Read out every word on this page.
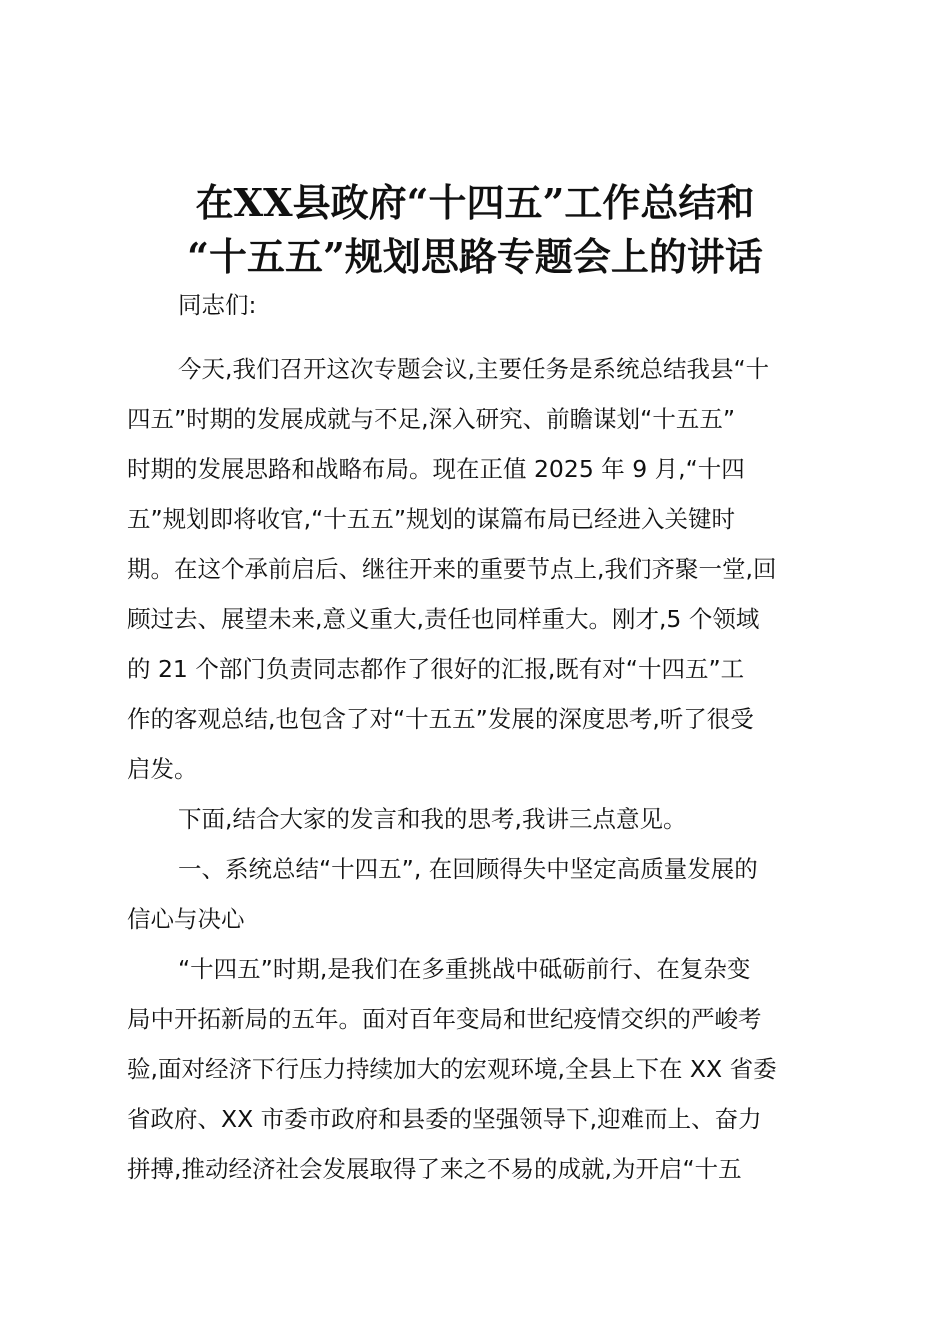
在XX县政府“十四五”工作总结和
“十五五”规划思路专题会上的讲话

同志们:

今天,我们召开这次专题会议,主要任务是系统总结我县“十
四五”时期的发展成就与不足,深入研究、前瞻谋划“十五五”
时期的发展思路和战略布局。现在正值 2025 年 9 月,“十四
五”规划即将收官,“十五五”规划的谋篇布局已经进入关键时
期。在这个承前启后、继往开来的重要节点上,我们齐聚一堂,回
顾过去、展望未来,意义重大,责任也同样重大。刚才,5 个领域
的 21 个部门负责同志都作了很好的汇报,既有对“十四五”工
作的客观总结,也包含了对“十五五”发展的深度思考,听了很受
启发。
下面,结合大家的发言和我的思考,我讲三点意见。
一、系统总结“十四五”, 在回顾得失中坚定高质量发展的
信心与决心
“十四五”时期,是我们在多重挑战中砥砺前行、在复杂变
局中开拓新局的五年。面对百年变局和世纪疫情交织的严峻考
验,面对经济下行压力持续加大的宏观环境,全县上下在 XX 省委
省政府、XX 市委市政府和县委的坚强领导下,迎难而上、奋力
拼搏,推动经济社会发展取得了来之不易的成就,为开启“十五
